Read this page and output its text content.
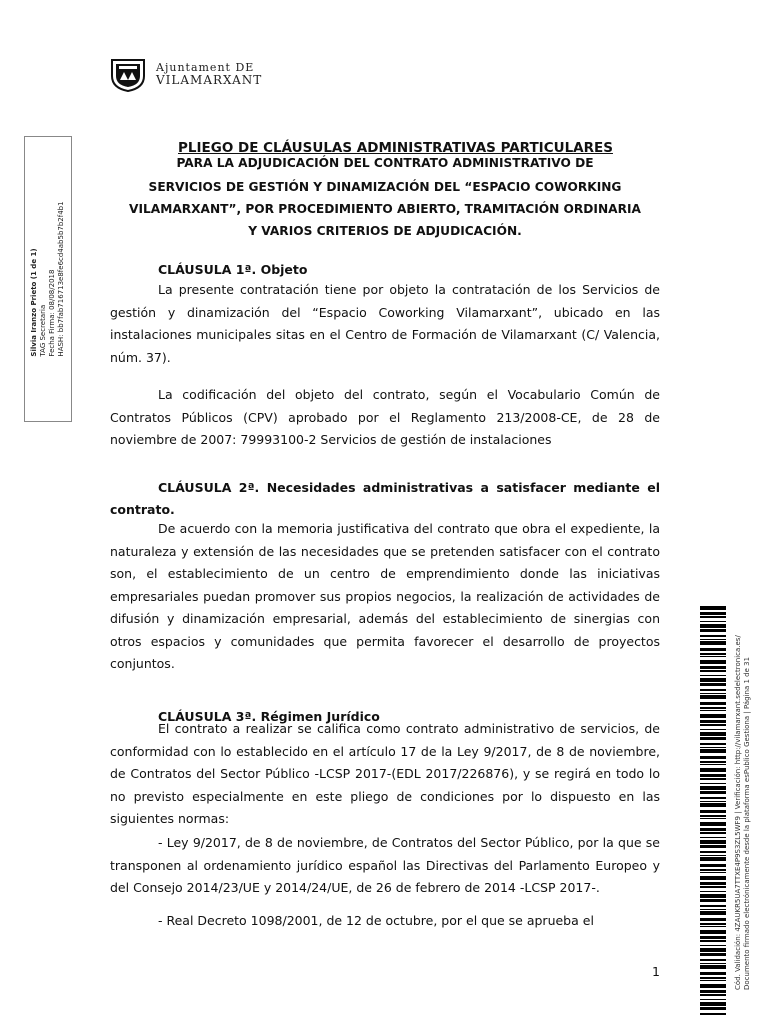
Ajuntament DE
VILAMARXANT
Silvia Iranzo Prieto (1 de 1) TAG Secretaria Fecha Firma: 08/08/2018 HASH: bb7fab716713e8fe6cd4ab5b7b2f4b1
Cód. Validación: 4ZAUKR5UA7TTXE4P9S3ZL5WF9 | Verificación: http://vilamarxant.sedelectronica.es/ Documento firmado electrónicamente desde la plataforma esPublico Gestiona | Página 1 de 31
PLIEGO DE CLÁUSULAS ADMINISTRATIVAS PARTICULARES
PARA LA ADJUDICACIÓN DEL CONTRATO ADMINISTRATIVO DE
SERVICIOS DE GESTIÓN Y DINAMIZACIÓN DEL “ESPACIO COWORKING
VILAMARXANT”, POR PROCEDIMIENTO ABIERTO, TRAMITACIÓN ORDINARIA
Y VARIOS CRITERIOS DE ADJUDICACIÓN.
CLÁUSULA 1ª. Objeto
La presente contratación tiene por objeto la contratación de los Servicios de gestión y dinamización del “Espacio Coworking Vilamarxant”, ubicado en las instalaciones municipales sitas en el Centro de Formación de Vilamarxant (C/ Valencia, núm. 37).
La codificación del objeto del contrato, según el Vocabulario Común de Contratos Públicos (CPV) aprobado por el Reglamento 213/2008-CE, de 28 de noviembre de 2007: 79993100-2 Servicios de gestión de instalaciones
CLÁUSULA 2ª. Necesidades administrativas a satisfacer mediante el contrato.
De acuerdo con la memoria justificativa del contrato que obra el expediente, la naturaleza y extensión de las necesidades que se pretenden satisfacer con el contrato son, el establecimiento de un centro de emprendimiento donde las iniciativas empresariales puedan promover sus propios negocios, la realización de actividades de difusión y dinamización empresarial, además del establecimiento de sinergias con otros espacios y comunidades que permita favorecer el desarrollo de proyectos conjuntos.
CLÁUSULA 3ª. Régimen Jurídico
El contrato a realizar se califica como contrato administrativo de servicios, de conformidad con lo establecido en el artículo 17 de la Ley 9/2017, de 8 de noviembre, de Contratos del Sector Público -LCSP 2017-(EDL 2017/226876), y se regirá en todo lo no previsto especialmente en este pliego de condiciones por lo dispuesto en las siguientes normas:
- Ley 9/2017, de 8 de noviembre, de Contratos del Sector Público, por la que se transponen al ordenamiento jurídico español las Directivas del Parlamento Europeo y del Consejo 2014/23/UE y 2014/24/UE, de 26 de febrero de 2014 -LCSP 2017-.
- Real Decreto 1098/2001, de 12 de octubre, por el que se aprueba el
1
